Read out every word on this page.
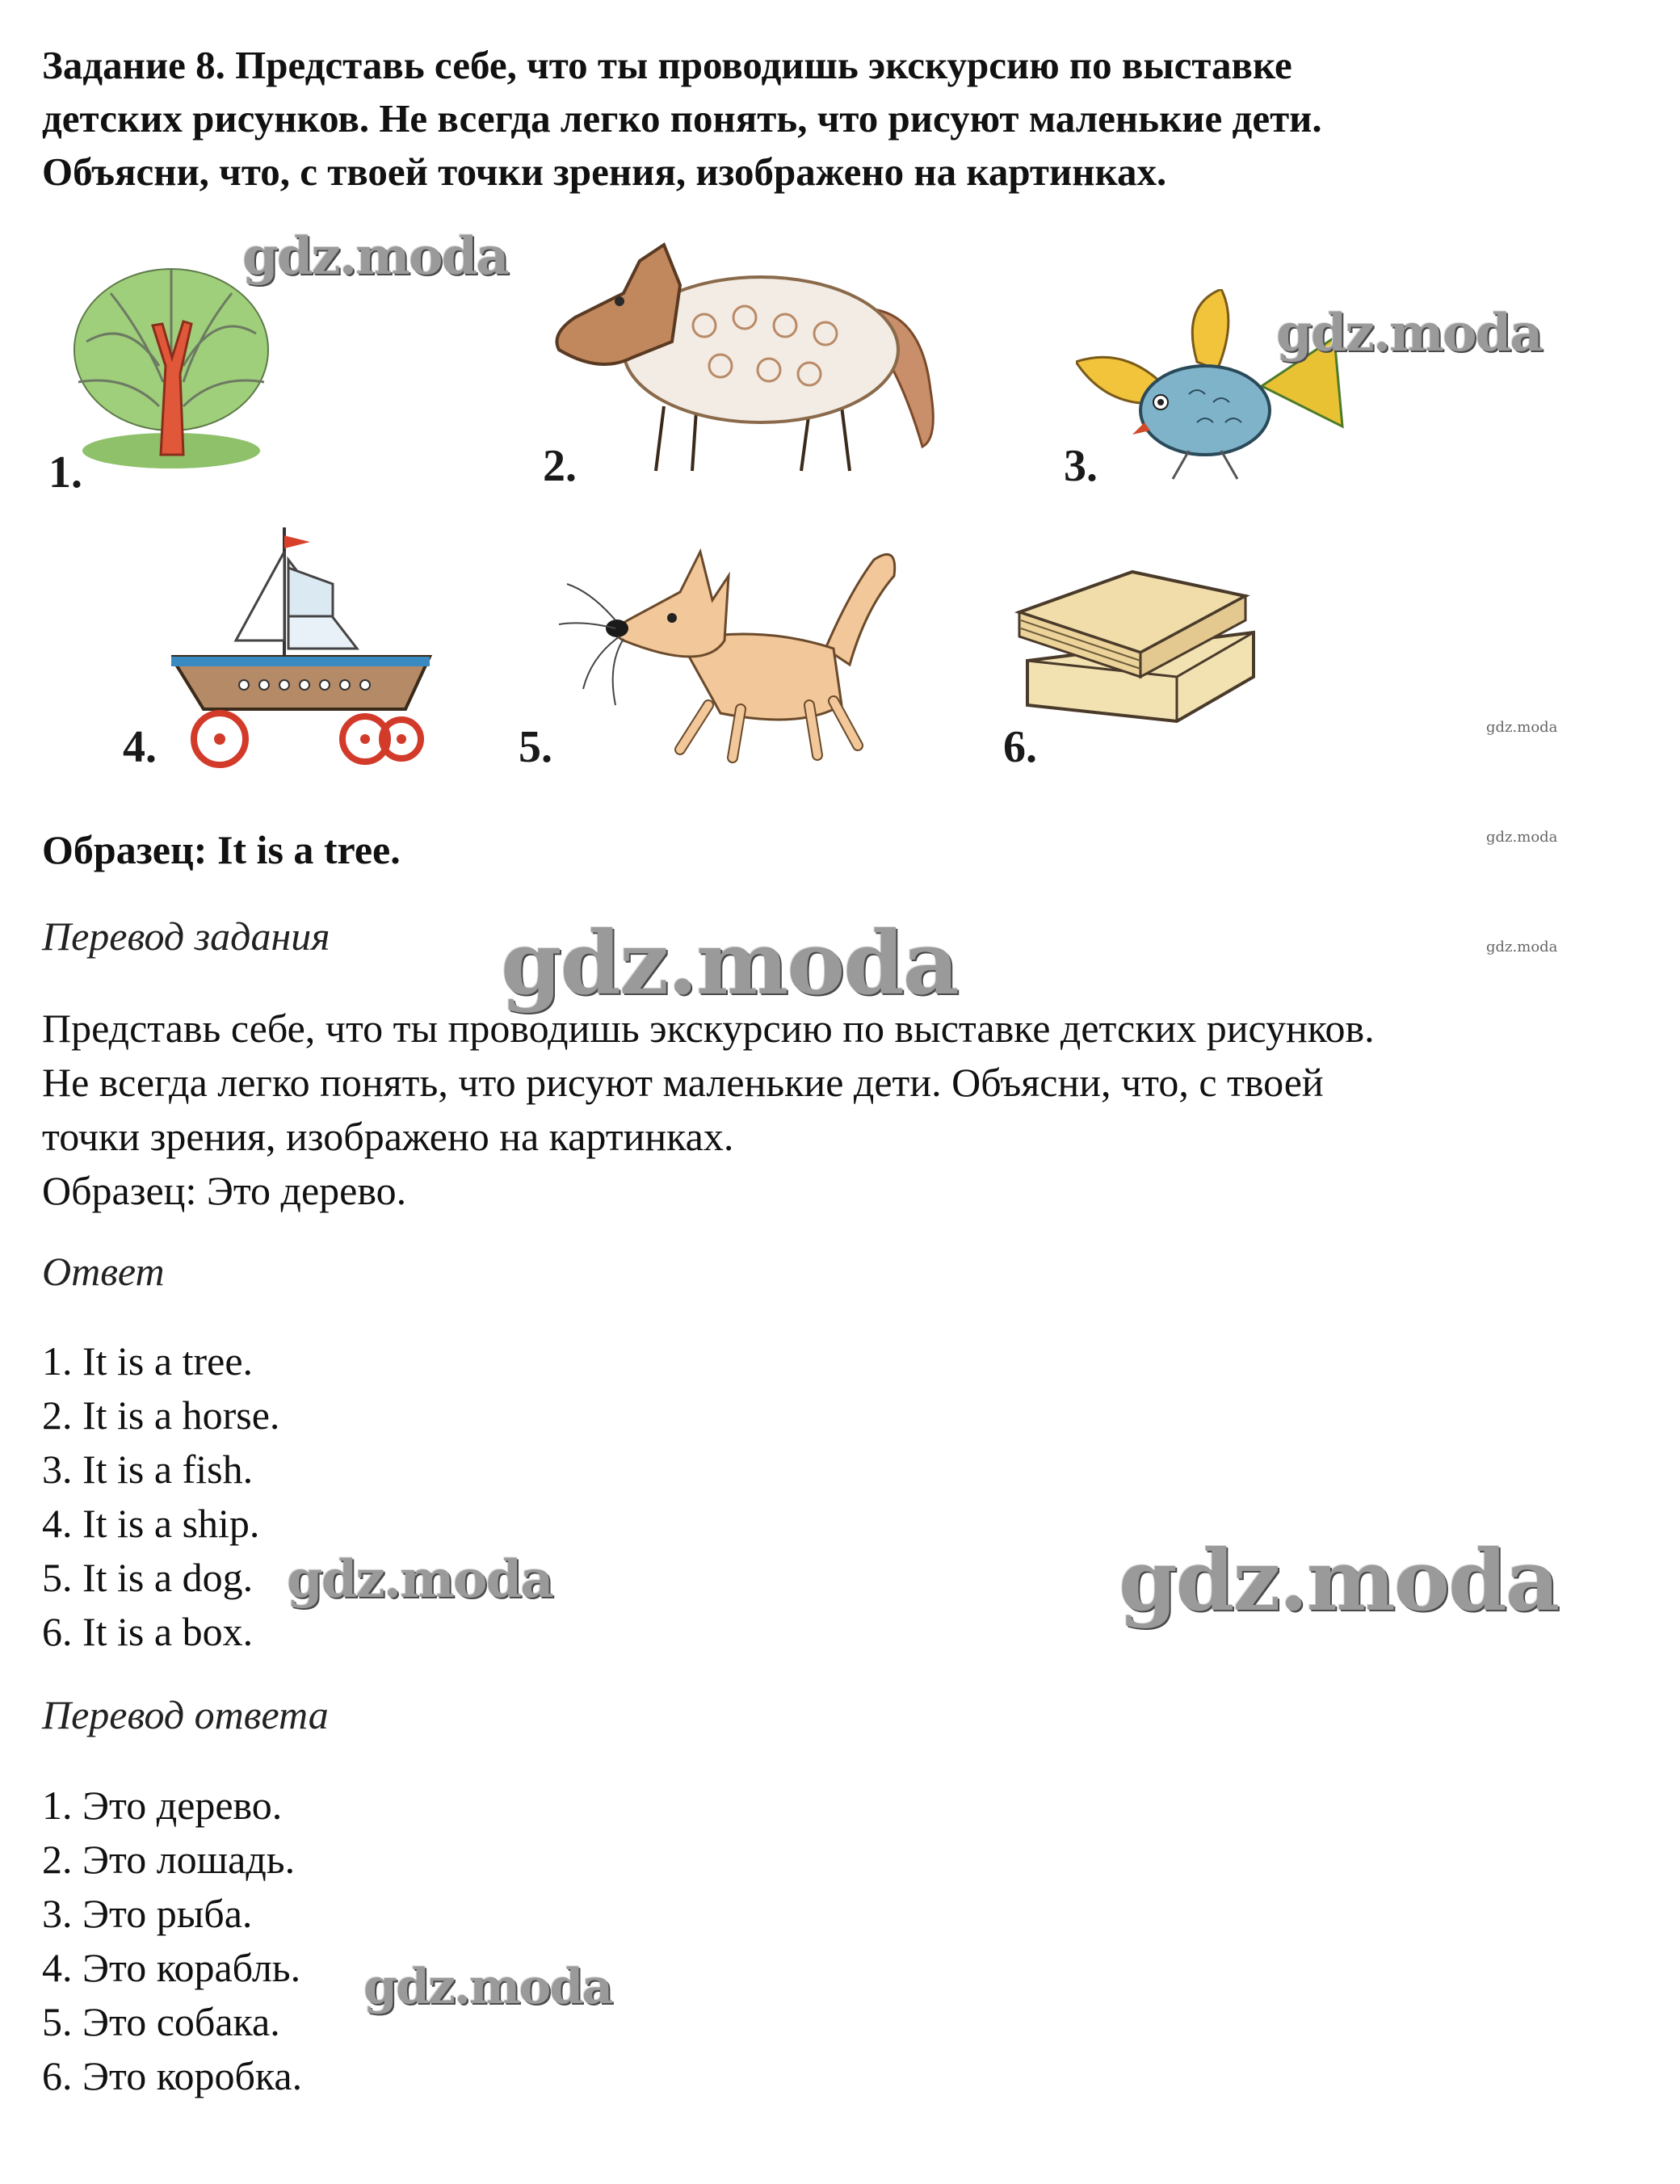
Задание 8. Представь себе, что ты проводишь экскурсию по выставке

детских рисунков. Не всегда легко понять, что рисуют маленькие дети.

Объясни, что, с твоей точки зрения, изображено на картинках.

1.	2.	3.
4.	5.	6.
Образец: It is a tree.
Перевод задания

Представь себе, что ты проводишь экскурсию по выставке детских рисунков.

Не всегда легко понять, что рисуют маленькие дети. Объясни, что, с твоей

точки зрения, изображено на картинках.

Образец: Это дерево.

Ответ
1. It is a tree.
2. It is a horse.
3. It is a fish.
4. It is a ship.
5. It is a dog.
6. It is a box.
Перевод ответа
1. Это дерево.
2. Это лошадь.
3. Это рыба.
4. Это корабль.
5. Это собака.
6. Это коробка.
gdz.moda
gdz.moda
gdz.moda
gdz.moda	gdz.moda
gdz.moda
gdz.moda
gdz.moda
gdz.moda
